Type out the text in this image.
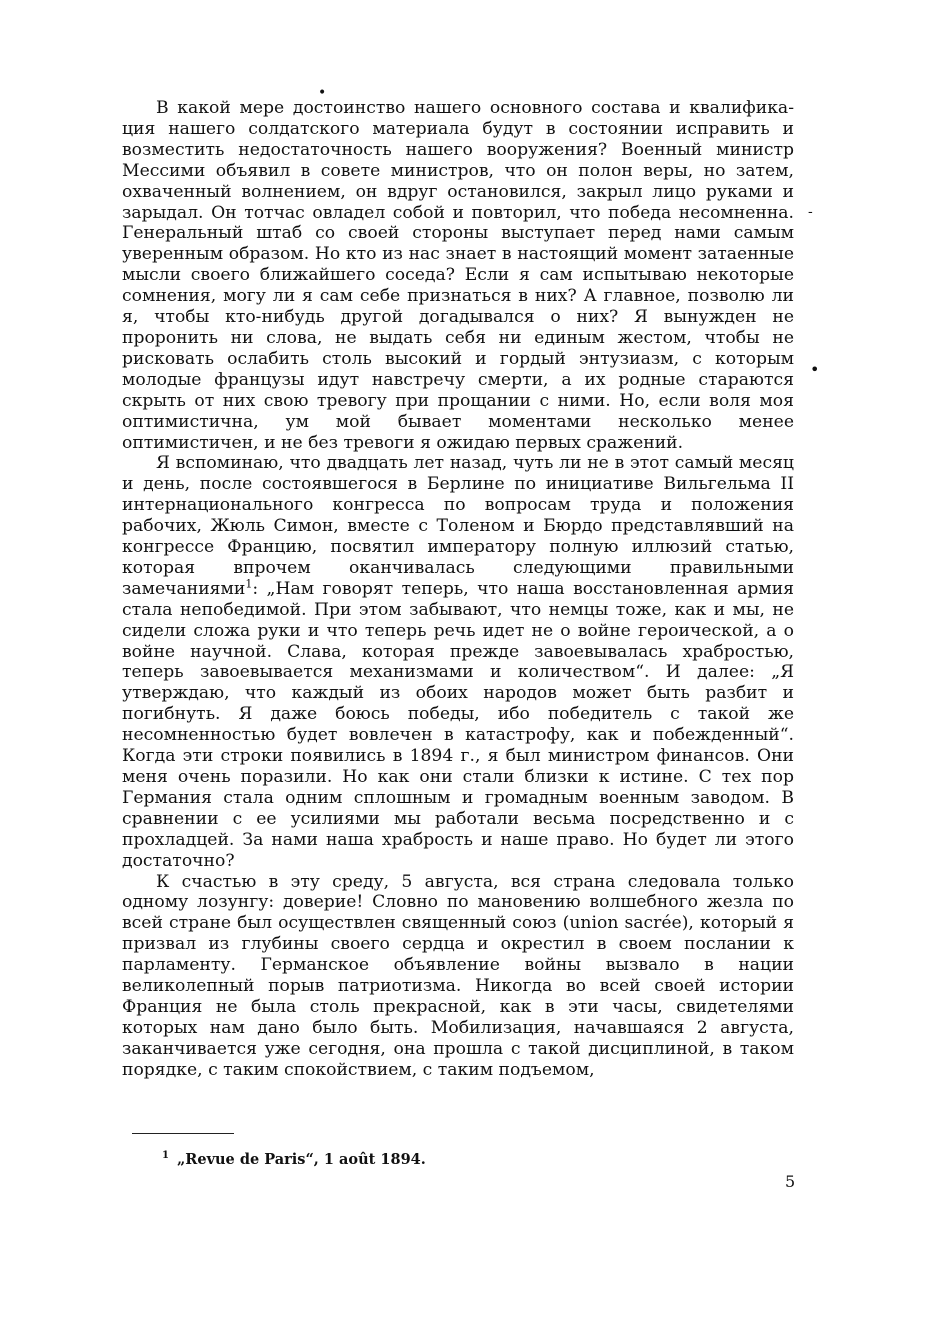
•
-
•

В какой мере достоинство нашего основного состава и квалификация нашего солдатского материала будут в состоянии исправить и возместить недостаточность нашего вооружения? Военный министр Мессими объявил в совете министров, что он полон веры, но затем, охваченный волнением, он вдруг остановился, закрыл лицо руками и зарыдал. Он тотчас овладел собой и повторил, что победа несомненна. Генеральный штаб со своей стороны выступает перед нами самым уверенным образом. Но кто из нас знает в настоящий момент затаенные мысли своего ближайшего соседа? Если я сам испытываю некоторые сомнения, могу ли я сам себе признаться в них? А главное, позволю ли я, чтобы кто-нибудь другой догадывался о них? Я вынужден не проронить ни слова, не выдать себя ни единым жестом, чтобы не рисковать ослабить столь высокий и гордый энтузиазм, с которым молодые французы идут навстречу смерти, а их родные стараются скрыть от них свою тревогу при прощании с ними. Но, если воля моя оптимистична, ум мой бывает моментами несколько менее оптимистичен, и не без тревоги я ожидаю первых сражений.

Я вспоминаю, что двадцать лет назад, чуть ли не в этот самый месяц и день, после состоявшегося в Берлине по инициативе Вильгельма II интернационального конгресса по вопросам труда и положения рабочих, Жюль Симон, вместе с Толеном и Бюрдо представлявший на конгрессе Францию, посвятил императору полную иллюзий статью, которая впрочем оканчивалась следующими правильными замечаниями$^1$: „Нам говорят теперь, что наша восстановленная армия стала непобедимой. При этом забывают, что немцы тоже, как и мы, не сидели сложа руки и что теперь речь идет не о войне героической, а о войне научной. Слава, которая прежде завоевывалась храбростью, теперь завоевывается механизмами и количеством“. И далее: „Я утверждаю, что каждый из обоих народов может быть разбит и погибнуть. Я даже боюсь победы, ибо победитель с такой же несомненностью будет вовлечен в катастрофу, как и побежденный“. Когда эти строки появились в 1894 г., я был министром финансов. Они меня очень поразили. Но как они стали близки к истине. С тех пор Германия стала одним сплошным и громадным военным заводом. В сравнении с ее усилиями мы работали весьма посредственно и с прохладцей. За нами наша храбрость и наше право. Но будет ли этого достаточно?

К счастью в эту среду, 5 августа, вся страна следовала только одному лозунгу: доверие! Словно по мановению волшебного жезла по всей стране был осуществлен священный союз (union sacrée), который я призвал из глубины своего сердца и окрестил в своем послании к парламенту. Германское объявление войны вызвало в нации великолепный порыв патриотизма. Никогда во всей своей истории Франция не была столь прекрасной, как в эти часы, свидетелями которых нам дано было быть. Мобилизация, начавшаяся 2 августа, заканчивается уже сегодня, она прошла с такой дисциплиной, в таком порядке, с таким спокойствием, с таким подъемом,

$^1$ „Revue de Paris“, 1 août 1894.
5
